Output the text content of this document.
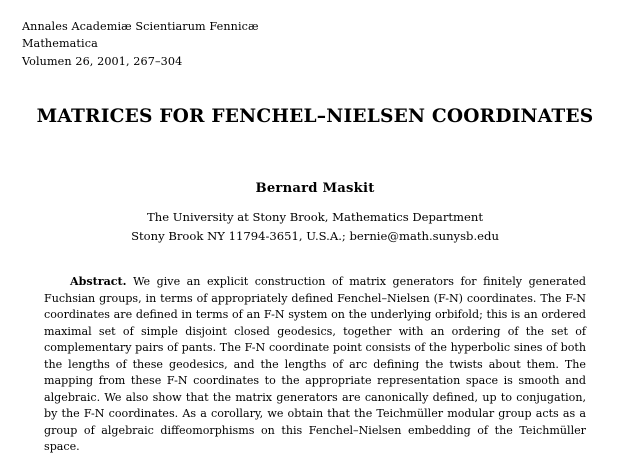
Annales Academiæ Scientiarum Fennicæ
Mathematica
Volumen 26, 2001, 267–304
MATRICES FOR FENCHEL–NIELSEN COORDINATES
Bernard Maskit
The University at Stony Brook, Mathematics Department
Stony Brook NY 11794-3651, U.S.A.; bernie@math.sunysb.edu
Abstract. We give an explicit construction of matrix generators for finitely generated Fuchsian groups, in terms of appropriately defined Fenchel–Nielsen (F-N) coordinates. The F-N coordinates are defined in terms of an F-N system on the underlying orbifold; this is an ordered maximal set of simple disjoint closed geodesics, together with an ordering of the set of complementary pairs of pants. The F-N coordinate point consists of the hyperbolic sines of both the lengths of these geodesics, and the lengths of arc defining the twists about them. The mapping from these F-N coordinates to the appropriate representation space is smooth and algebraic. We also show that the matrix generators are canonically defined, up to conjugation, by the F-N coordinates. As a corollary, we obtain that the Teichmüller modular group acts as a group of algebraic diffeomorphisms on this Fenchel–Nielsen embedding of the Teichmüller space.
